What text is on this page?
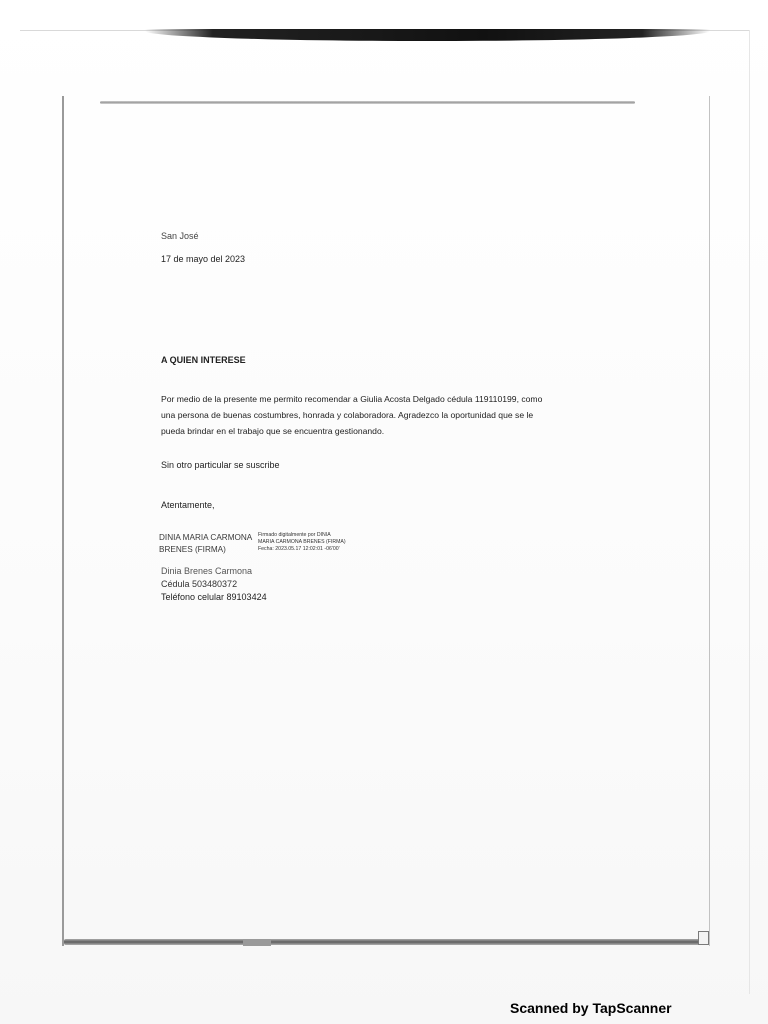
San José
17 de mayo del 2023
A QUIEN INTERESE
Por medio de la presente me permito recomendar a Giulia Acosta Delgado cédula 119110199, como
una persona de buenas costumbres, honrada y colaboradora. Agradezco la oportunidad que se le
pueda brindar en el trabajo que se encuentra gestionando.
Sin otro particular se suscribe
Atentamente,
DINIA MARIA CARMONA
BRENES (FIRMA)
Firmado digitalmente por DINIA
MARIA CARMONA BRENES (FIRMA)
Fecha: 2023.05.17 12:02:01 -06'00'
Dinia Brenes Carmona
Cédula 503480372
Teléfono celular 89103424
Scanned by TapScanner
